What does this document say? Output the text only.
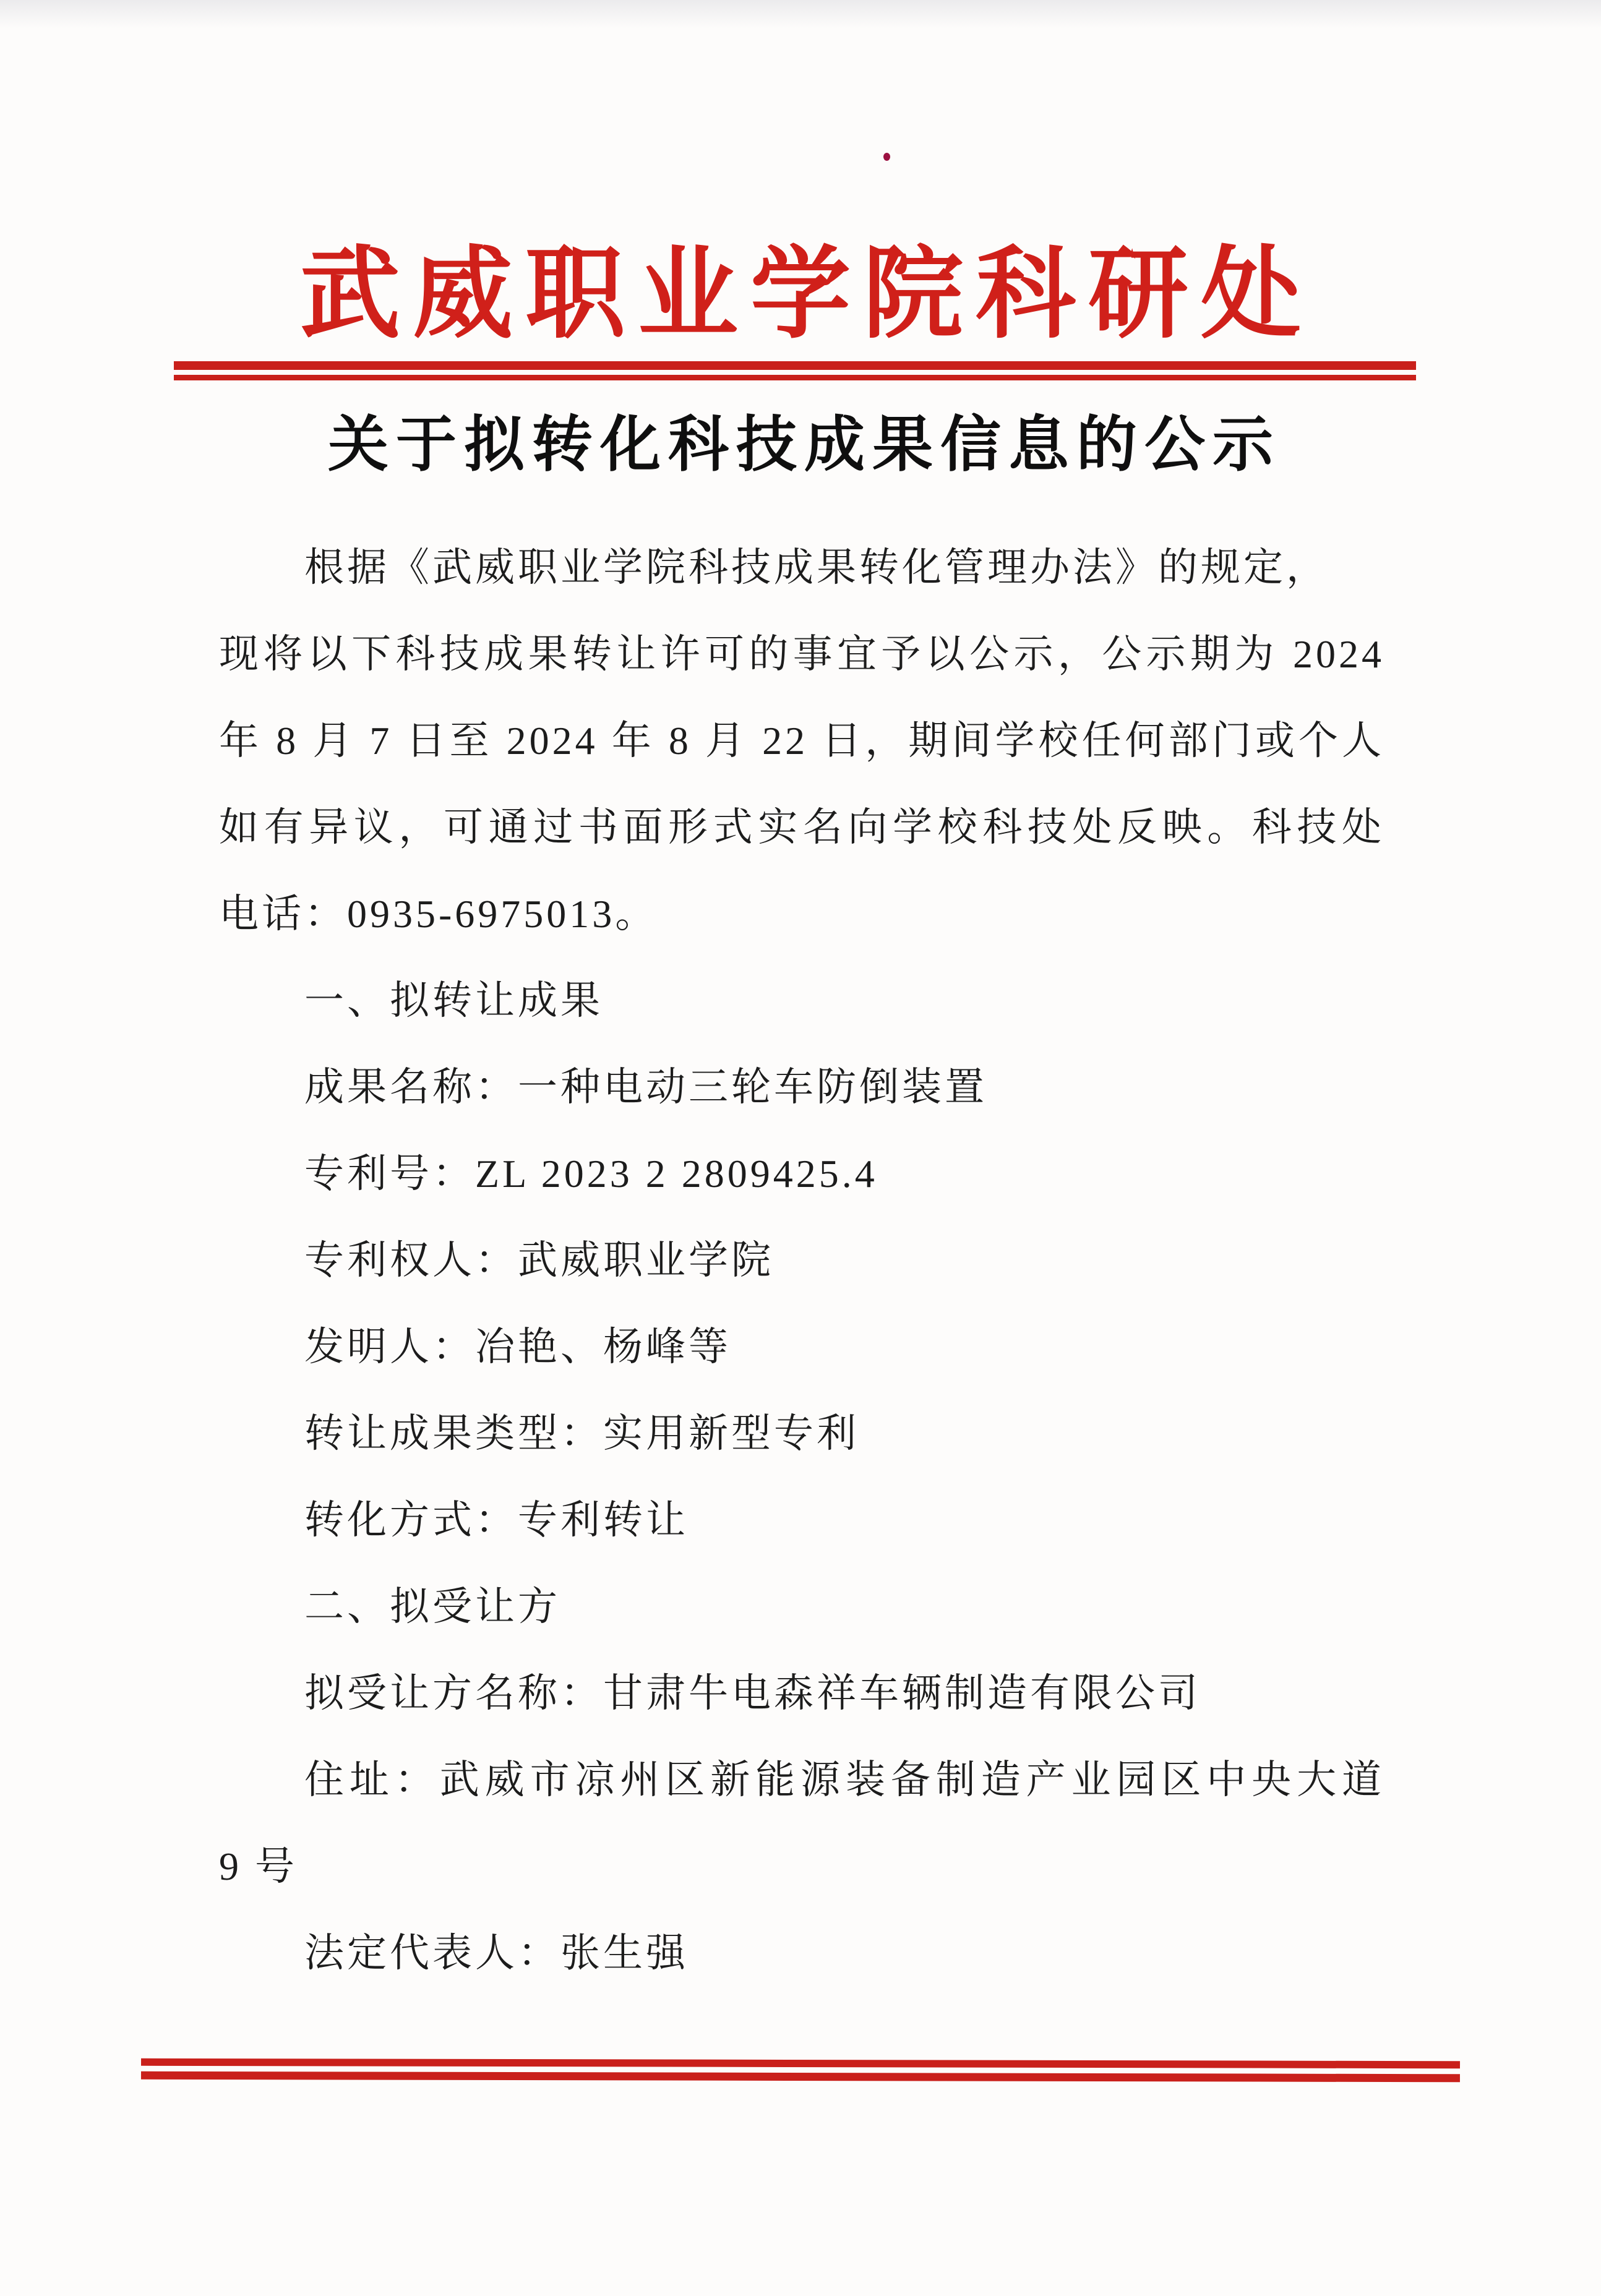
武威职业学院科研处
关于拟转化科技成果信息的公示
根据《武威职业学院科技成果转化管理办法》的规定，
现将以下科技成果转让许可的事宜予以公示，公示期为 2024
年 8 月 7 日至 2024 年 8 月 22 日，期间学校任何部门或个人
如有异议，可通过书面形式实名向学校科技处反映。科技处
电话：0935-6975013。
一、拟转让成果
成果名称：一种电动三轮车防倒装置
专利号：ZL 2023 2 2809425.4
专利权人：武威职业学院
发明人：冶艳、杨峰等
转让成果类型：实用新型专利
转化方式：专利转让
二、拟受让方
拟受让方名称：甘肃牛电森祥车辆制造有限公司
住址：武威市凉州区新能源装备制造产业园区中央大道
9 号
法定代表人：张生强
